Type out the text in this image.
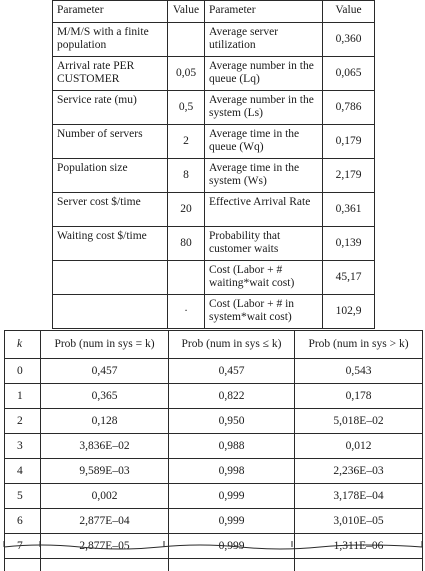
Parameter	Value	Parameter	Value
M/M/S with a finite population		Average server utilization	0,360
Arrival rate PER CUSTOMER	0,05	Average number in the queue (Lq)	0,065
Service rate (mu)	0,5	Average number in the system (Ls)	0,786
Number of servers	2	Average time in the queue (Wq)	0,179
Population size	8	Average time in the system (Ws)	2,179
Server cost $/time	20	Effective Arrival Rate	0,361
Waiting cost $/time	80	Probability that customer waits	0,139
		Cost (Labor + # waiting*wait cost)	45,17
	·	Cost (Labor + # in system*wait cost)	102,9
k	Prob (num in sys = k)	Prob (num in sys ≤ k)	Prob (num in sys > k)
0	0,457	0,457	0,543
1	0,365	0,822	0,178
2	0,128	0,950	5,018E–02
3	3,836E–02	0,988	0,012
4	9,589E–03	0,998	2,236E–03
5	0,002	0,999	3,178E–04
6	2,877E–04	0,999	3,010E–05
7	2,877E–05	0,999	1,311E–06
